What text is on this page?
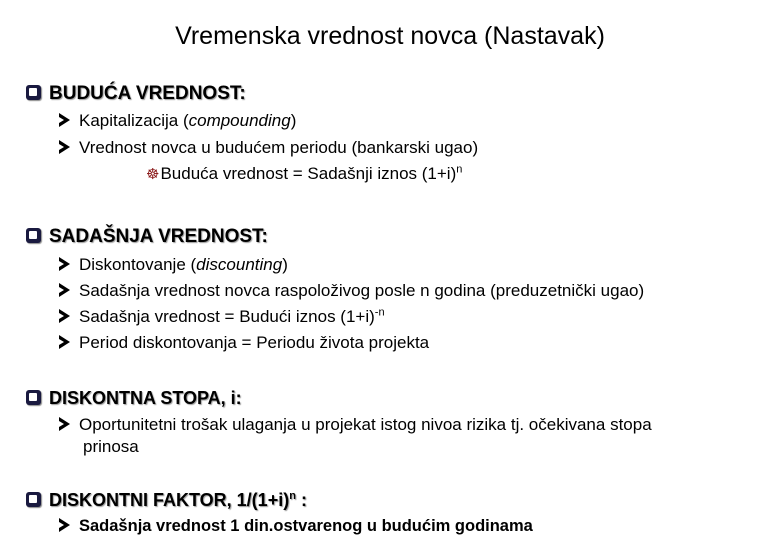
Vremenska vrednost novca (Nastavak)
BUDUĆA VREDNOST:
Kapitalizacija (compounding)
Vrednost novca u budućem periodu (bankarski ugao)
☸Buduća vrednost = Sadašnji iznos $(1+i)^n$
SADAŠNJA VREDNOST:
Diskontovanje (discounting)
Sadašnja vrednost novca raspoloživog posle n godina (preduzetnički ugao)
Sadašnja vrednost = Budući iznos $(1+i)^{-n}$
Period diskontovanja = Periodu života projekta
DISKONTNA STOPA, i:
Oportunitetni trošak ulaganja u projekat istog nivoa rizika tj. očekivana stopa
prinosa
DISKONTNI FAKTOR, $1/(1+i)^n$ :
Sadašnja vrednost 1 din.ostvarenog u budućim godinama
